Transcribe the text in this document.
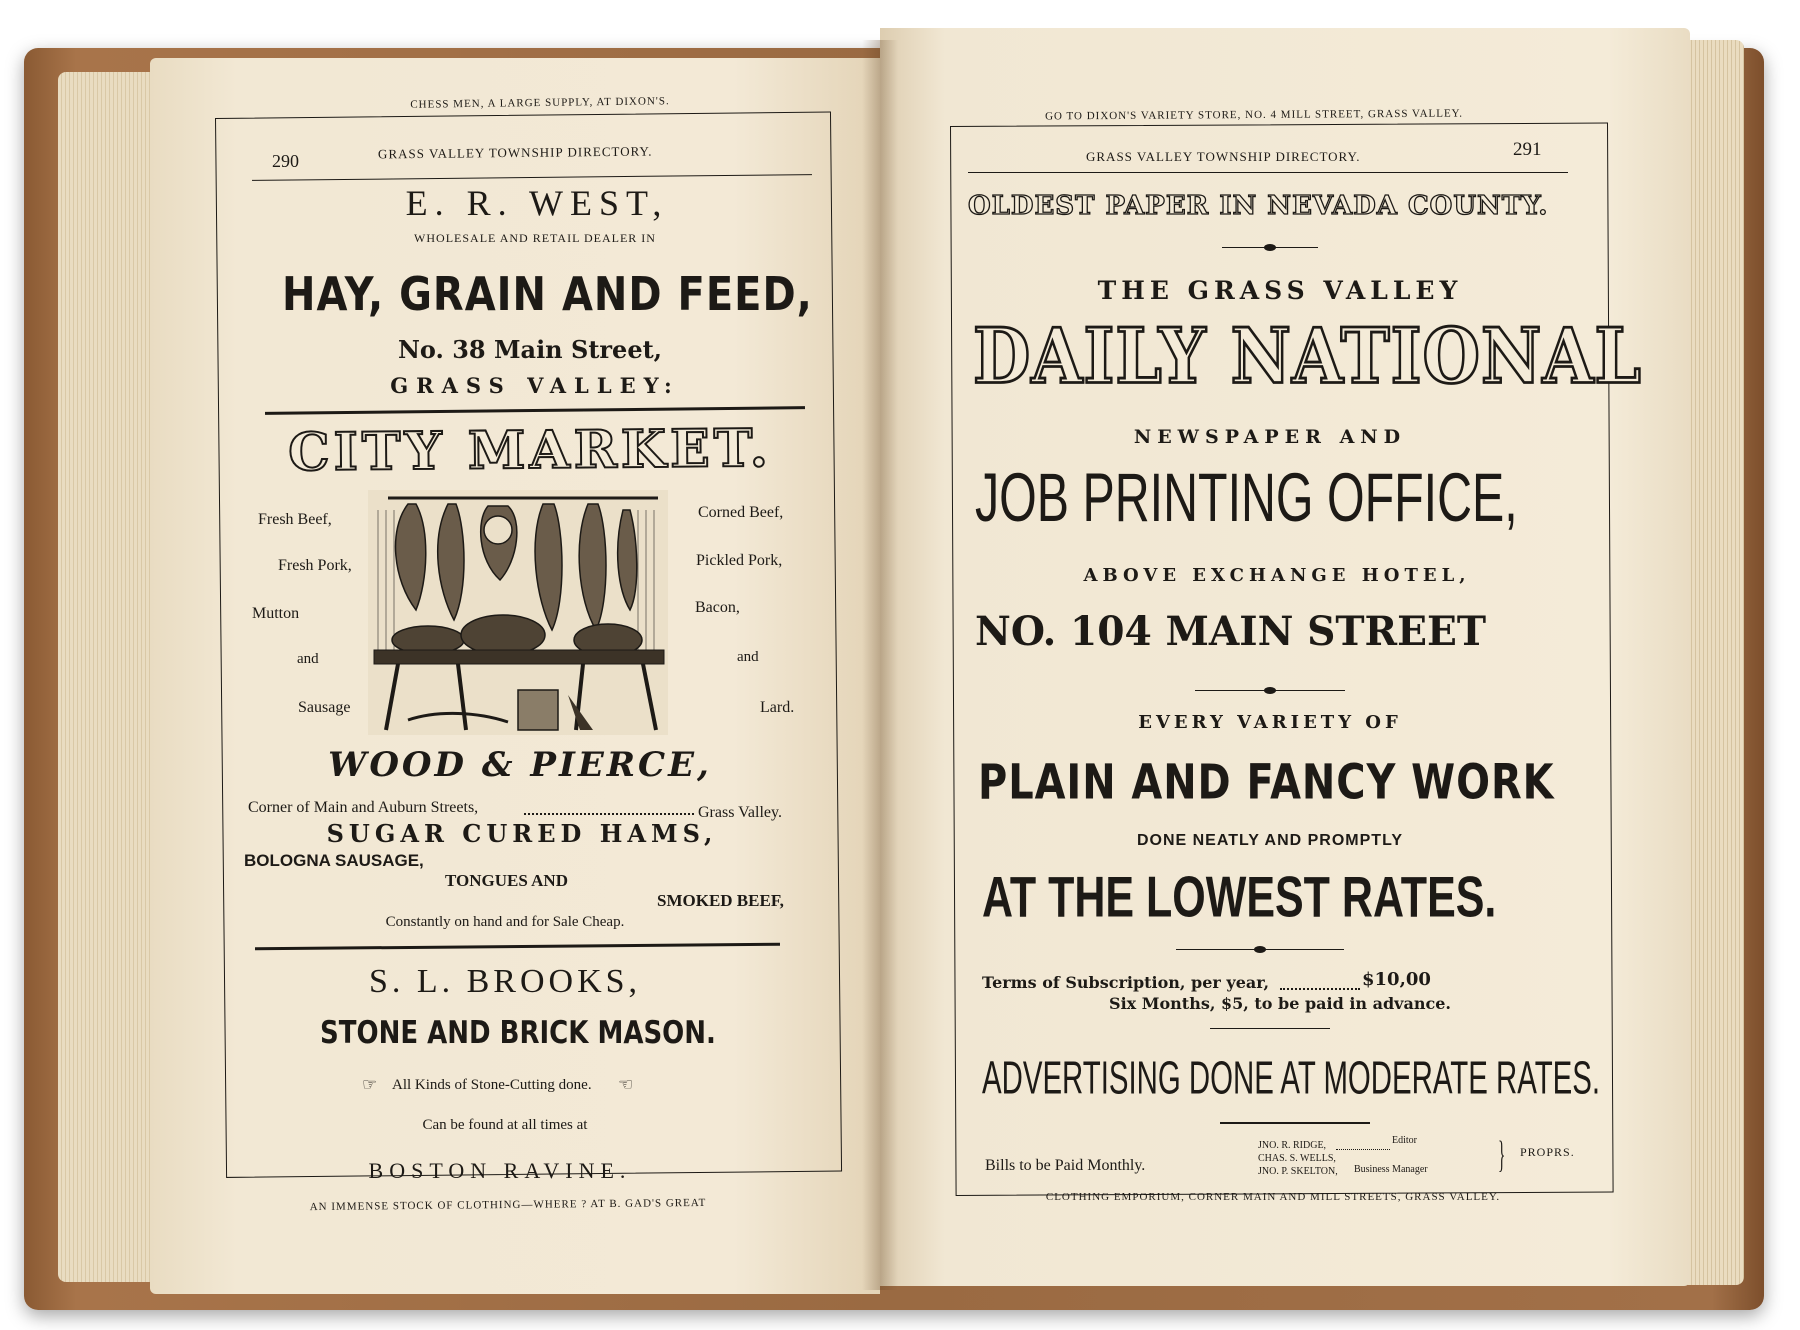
CHESS MEN, A LARGE SUPPLY, AT DIXON'S.
290	GRASS VALLEY TOWNSHIP DIRECTORY.
E. R. WEST,
WHOLESALE AND RETAIL DEALER IN
HAY, GRAIN AND FEED,
No. 38 Main Street,
GRASS VALLEY:
CITY MARKET.
Fresh Beef,
Fresh Pork,
Mutton
and
Sausage
Corned Beef,
Pickled Pork,
Bacon,
and
Lard.
WOOD & PIERCE,
Corner of Main and Auburn Streets,	Grass Valley.
SUGAR CURED HAMS,
BOLOGNA SAUSAGE,
TONGUES AND
SMOKED BEEF,
Constantly on hand and for Sale Cheap.
S. L. BROOKS,
STONE AND BRICK MASON.
☞ All Kinds of Stone-Cutting done. ☜
Can be found at all times at
BOSTON RAVINE.
AN IMMENSE STOCK OF CLOTHING—WHERE ? AT B. GAD'S GREAT
GO TO DIXON'S VARIETY STORE, NO. 4 MILL STREET, GRASS VALLEY.
GRASS VALLEY TOWNSHIP DIRECTORY.	291
OLDEST PAPER IN NEVADA COUNTY.
THE GRASS VALLEY
DAILY NATIONAL
NEWSPAPER AND
JOB PRINTING OFFICE,
ABOVE EXCHANGE HOTEL,
NO. 104 MAIN STREET
EVERY VARIETY OF
PLAIN AND FANCY WORK
DONE NEATLY AND PROMPTLY
AT THE LOWEST RATES.
Terms of Subscription, per year,	$10,00
Six Months, $5, to be paid in advance.
ADVERTISING DONE AT MODERATE RATES.
Bills to be Paid Monthly.
JNO. R. RIDGE,	Editor
CHAS. S. WELLS,
JNO. P. SKELTON, Business Manager } PROPRS.
CLOTHING EMPORIUM, CORNER MAIN AND MILL STREETS, GRASS VALLEY.
